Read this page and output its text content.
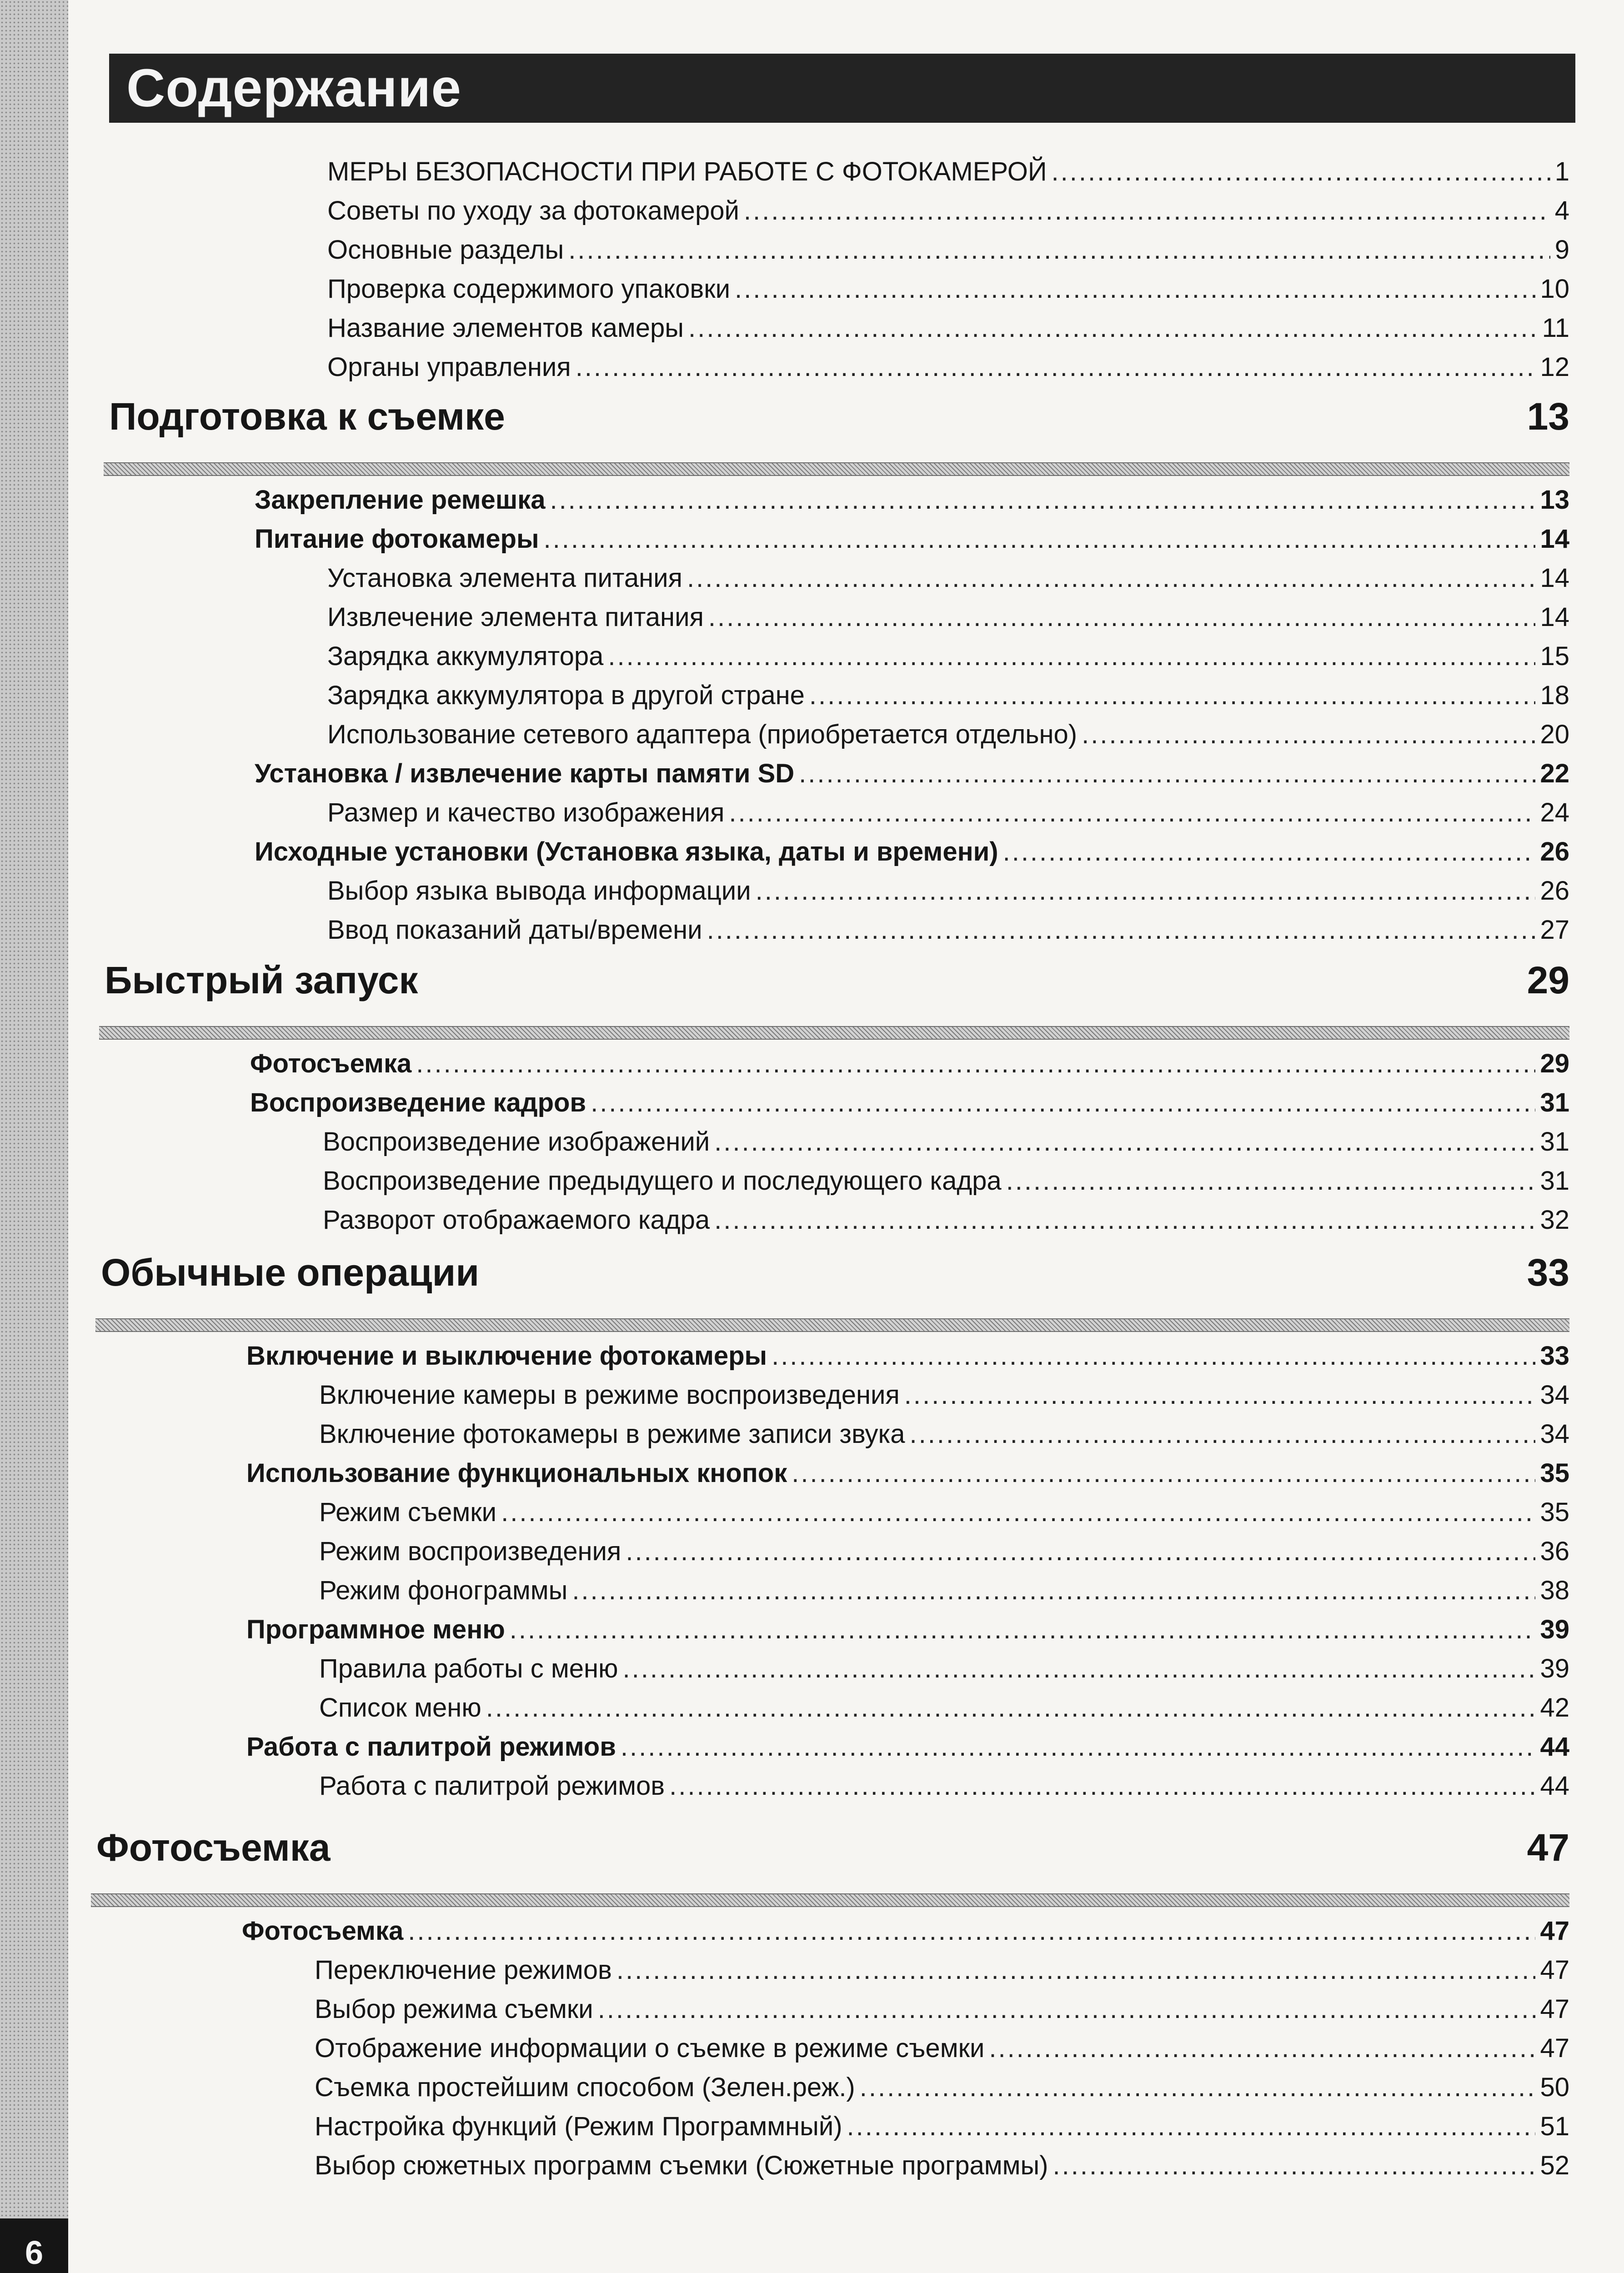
6
Содержание
МЕРЫ БЕЗОПАСНОСТИ ПРИ РАБОТЕ С ФОТОКАМЕРОЙ .....	1
Советы по уходу за фотокамерой .....	4
Основные разделы .....	9
Проверка содержимого упаковки .....	10
Название элементов камеры .....	11
Органы управления .....	12
Подготовка к съемке	13
Закрепление ремешка .....	13
Питание фотокамеры .....	14
Установка элемента питания .....	14
Извлечение элемента питания .....	14
Зарядка аккумулятора .....	15
Зарядка аккумулятора в другой стране .....	18
Использование сетевого адаптера (приобретается отдельно) .....	20
Установка / извлечение карты памяти SD .....	22
Размер и качество изображения .....	24
Исходные установки (Установка языка, даты и времени) .....	26
Выбор языка вывода информации .....	26
Ввод показаний даты/времени .....	27
Быстрый запуск	29
Фотосъемка .....	29
Воспроизведение кадров .....	31
Воспроизведение изображений .....	31
Воспроизведение предыдущего и последующего кадра .....	31
Разворот отображаемого кадра .....	32
Обычные операции	33
Включение и выключение фотокамеры .....	33
Включение камеры в режиме воспроизведения .....	34
Включение фотокамеры в режиме записи звука .....	34
Использование функциональных кнопок .....	35
Режим съемки .....	35
Режим воспроизведения .....	36
Режим фонограммы .....	38
Программное меню .....	39
Правила работы с меню .....	39
Список меню .....	42
Работа с палитрой режимов .....	44
Работа с палитрой режимов .....	44
Фотосъемка	47
Фотосъемка .....	47
Переключение режимов .....	47
Выбор режима съемки .....	47
Отображение информации о съемке в режиме съемки .....	47
Съемка простейшим способом (Зелен.реж.) .....	50
Настройка функций (Режим Программный) .....	51
Выбор сюжетных программ съемки (Сюжетные программы) .....	52
